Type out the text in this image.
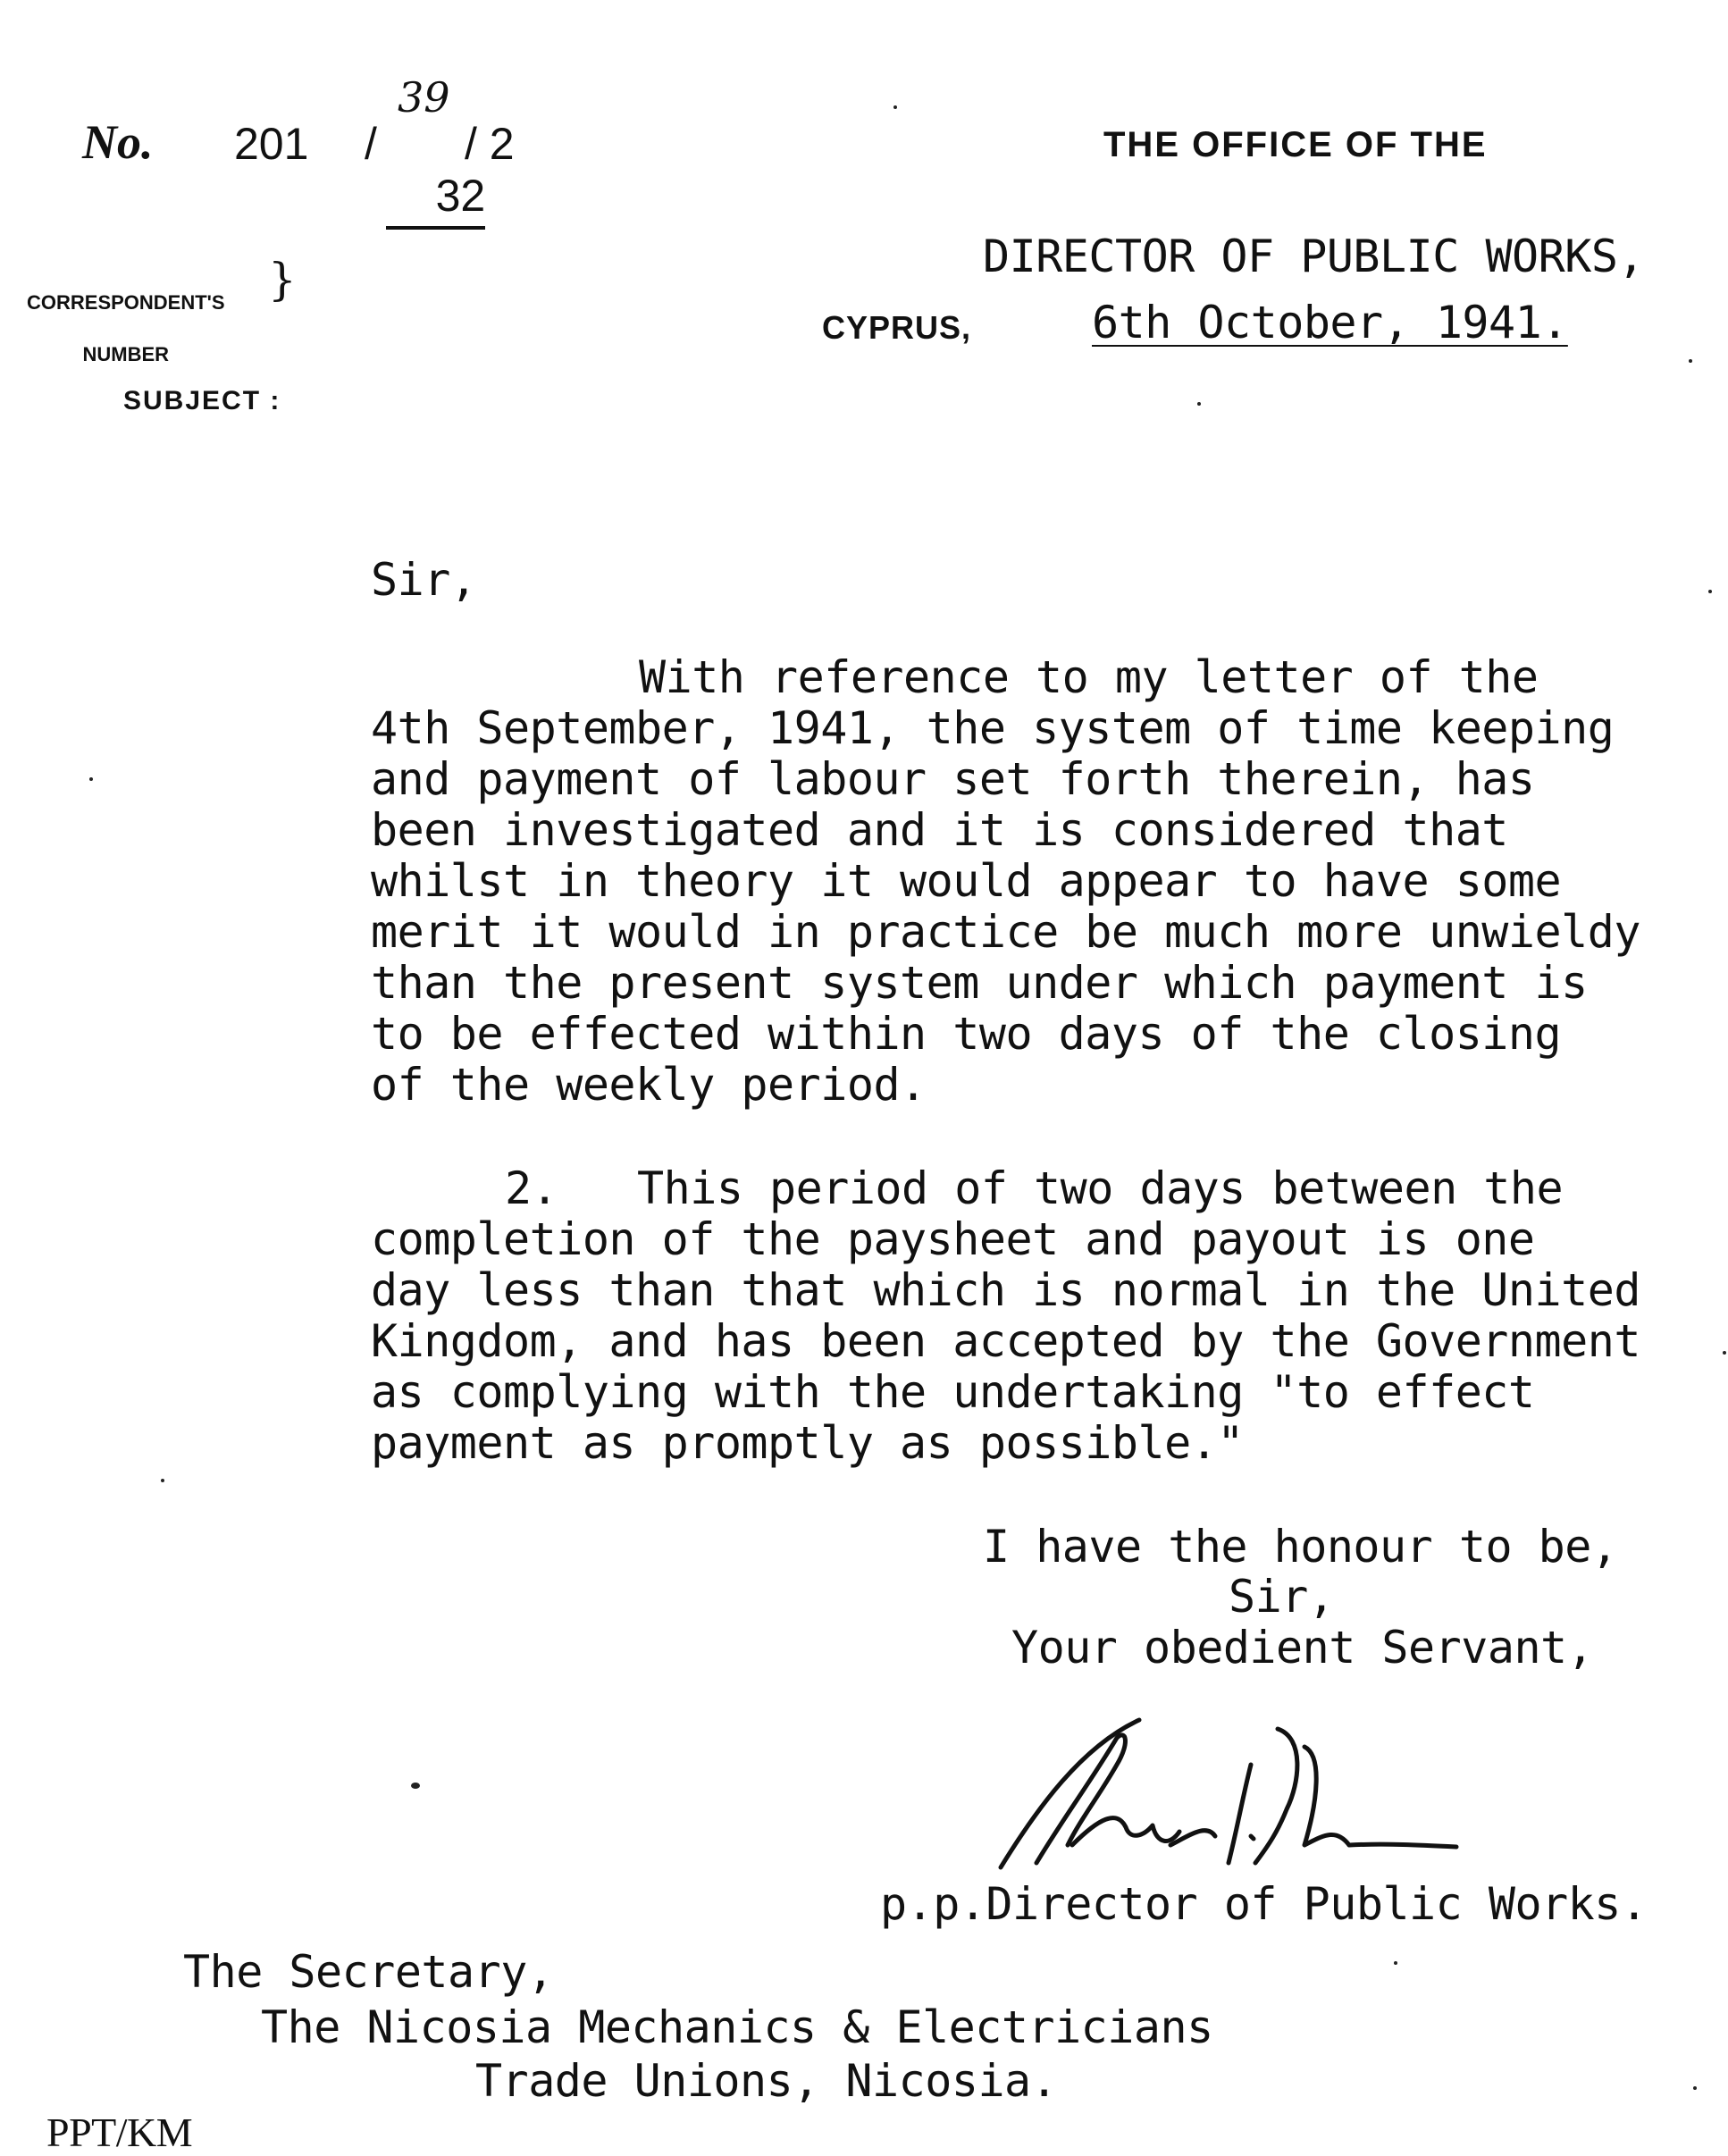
No. 201 /

32

39
/ 2	THE OFFICE OF THE
DIRECTOR OF PUBLIC WORKS,

CORRESPONDENT'S

NUMBER

}
CYPRUS,	6th October, 1941.
SUBJECT :
Sir,
With reference to my letter of the
4th September, 1941, the system of time keeping
and payment of labour set forth therein, has
been investigated and it is considered that
whilst in theory it would appear to have some
merit it would in practice be much more unwieldy
than the present system under which payment is
to be effected within two days of the closing
of the weekly period.
2.   This period of two days between the
completion of the paysheet and payout is one
day less than that which is normal in the United
Kingdom, and has been accepted by the Government
as complying with the undertaking "to effect
payment as promptly as possible."
I have the honour to be,
Sir,
Your obedient Servant,
p.p.Director of Public Works.
The Secretary,
The Nicosia Mechanics & Electricians
Trade Unions, Nicosia.
PPT/KM
